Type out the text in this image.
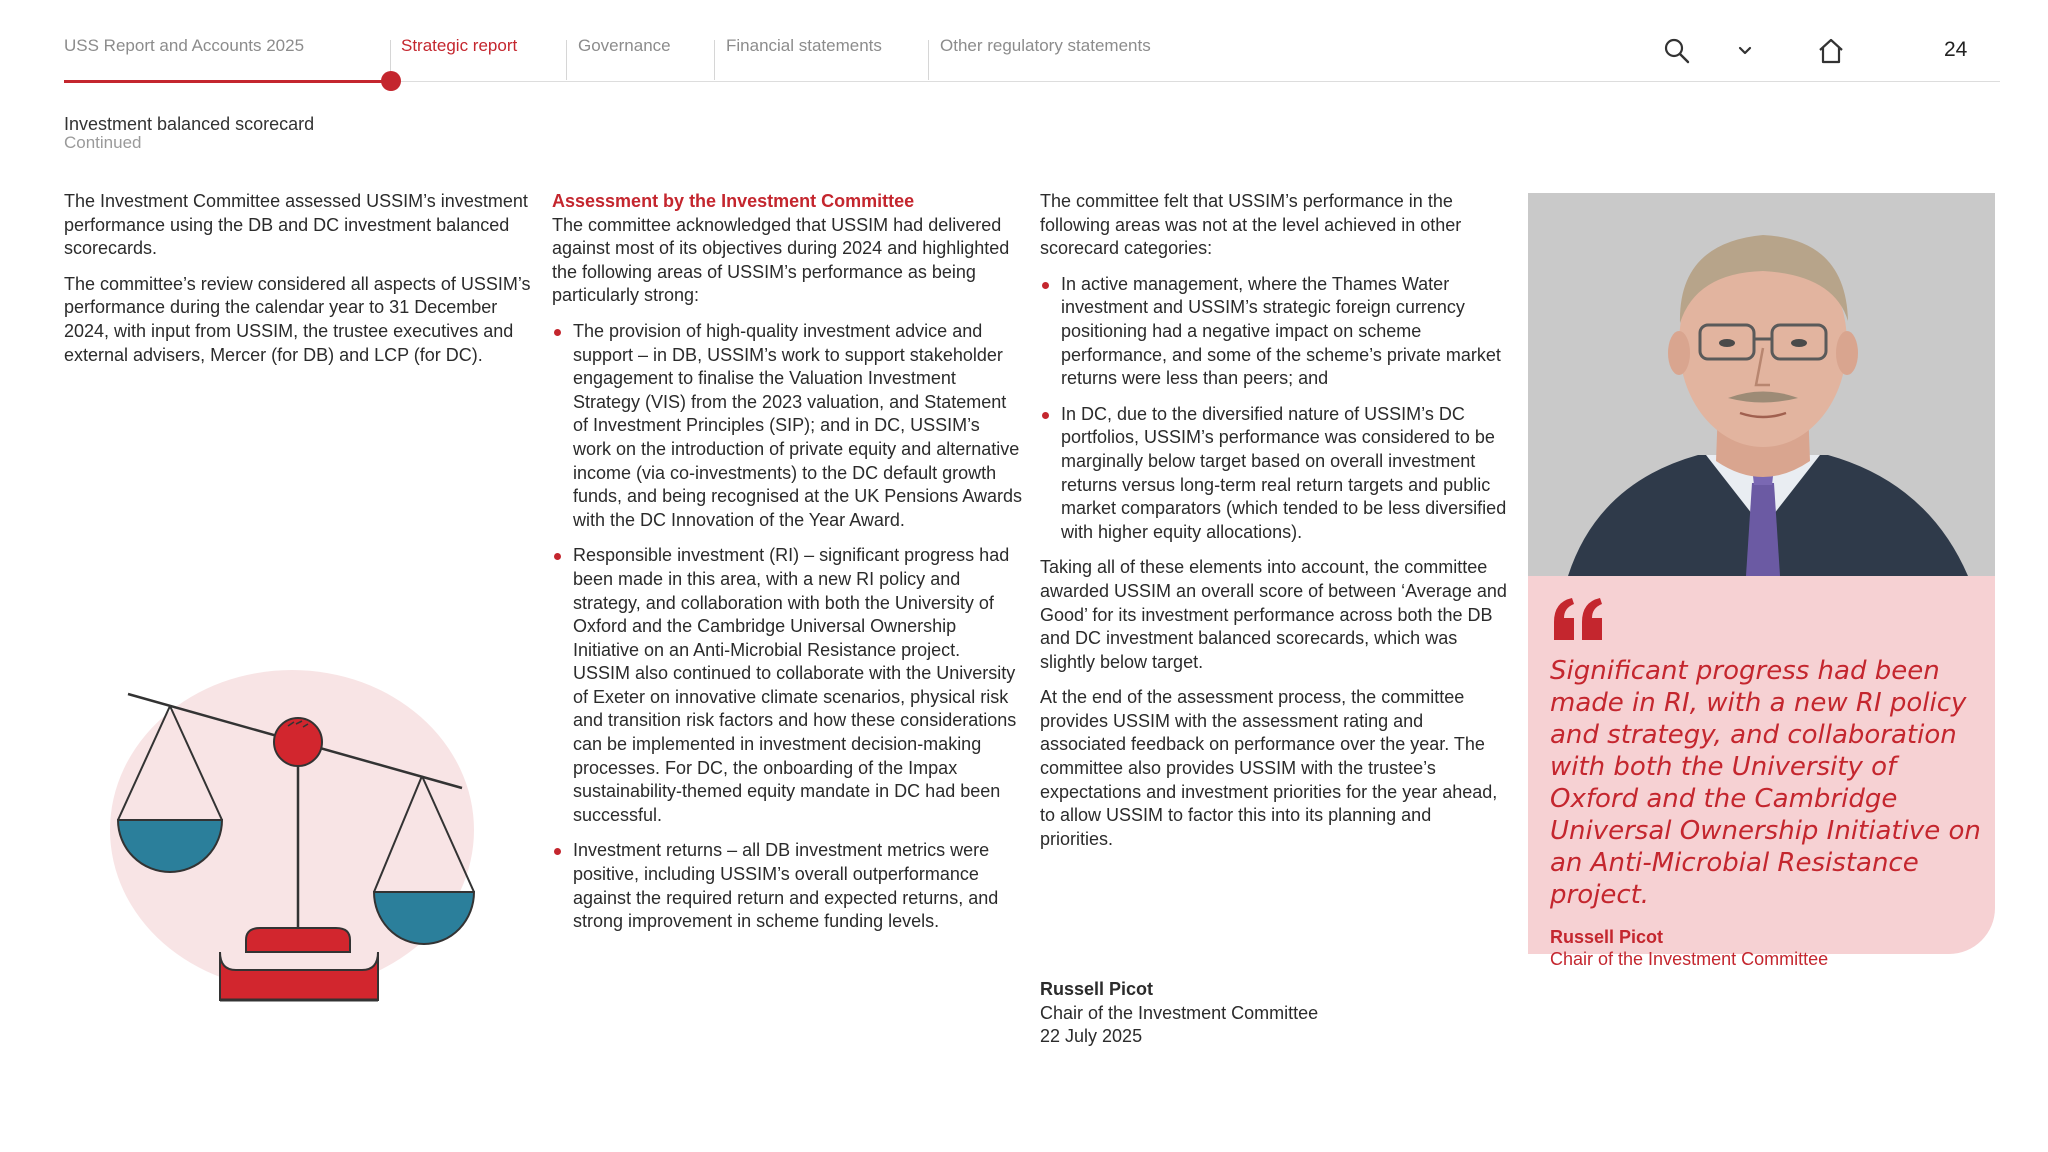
USS Report and Accounts 2025	Strategic report	Governance	Financial statements	Other regulatory statements	24
Investment balanced scorecard
Continued

The Investment Committee assessed USSIM’s investment performance using the DB and DC investment balanced scorecards.

The committee’s review considered all aspects of USSIM’s performance during the calendar year to 31 December 2024, with input from USSIM, the trustee executives and external advisers, Mercer (for DB) and LCP (for DC).

Assessment by the Investment Committee

The committee acknowledged that USSIM had delivered against most of its objectives during 2024 and highlighted the following areas of USSIM’s performance as being particularly strong:

The provision of high-quality investment advice and support – in DB, USSIM’s work to support stakeholder engagement to finalise the Valuation Investment Strategy (VIS) from the 2023 valuation, and Statement of Investment Principles (SIP); and in DC, USSIM’s work on the introduction of private equity and alternative income (via co-investments) to the DC default growth funds, and being recognised at the UK Pensions Awards with the DC Innovation of the Year Award.
Responsible investment (RI) – significant progress had been made in this area, with a new RI policy and strategy, and collaboration with both the University of Oxford and the Cambridge Universal Ownership Initiative on an Anti-Microbial Resistance project. USSIM also continued to collaborate with the University of Exeter on innovative climate scenarios, physical risk and transition risk factors and how these considerations can be implemented in investment decision-making processes. For DC, the onboarding of the Impax sustainability-themed equity mandate in DC had been successful.
Investment returns – all DB investment metrics were positive, including USSIM’s overall outperformance against the required return and expected returns, and strong improvement in scheme funding levels.

The committee felt that USSIM’s performance in the following areas was not at the level achieved in other scorecard categories:

In active management, where the Thames Water investment and USSIM’s strategic foreign currency positioning had a negative impact on scheme performance, and some of the scheme’s private market returns were less than peers; and
In DC, due to the diversified nature of USSIM’s DC portfolios, USSIM’s performance was considered to be marginally below target based on overall investment returns versus long-term real return targets and public market comparators (which tended to be less diversified with higher equity allocations).

Taking all of these elements into account, the committee awarded USSIM an overall score of between ‘Average and Good’ for its investment performance across both the DB and DC investment balanced scorecards, which was slightly below target.

At the end of the assessment process, the committee provides USSIM with the assessment rating and associated feedback on performance over the year. The committee also provides USSIM with the trustee’s expectations and investment priorities for the year ahead, to allow USSIM to factor this into its planning and priorities.

Russell Picot
Chair of the Investment Committee
22 July 2025
Significant progress had been made in RI, with a new RI policy and strategy, and collaboration with both the University of Oxford and the Cambridge Universal Ownership Initiative on an Anti-Microbial Resistance project.
Russell Picot
Chair of the Investment Committee
